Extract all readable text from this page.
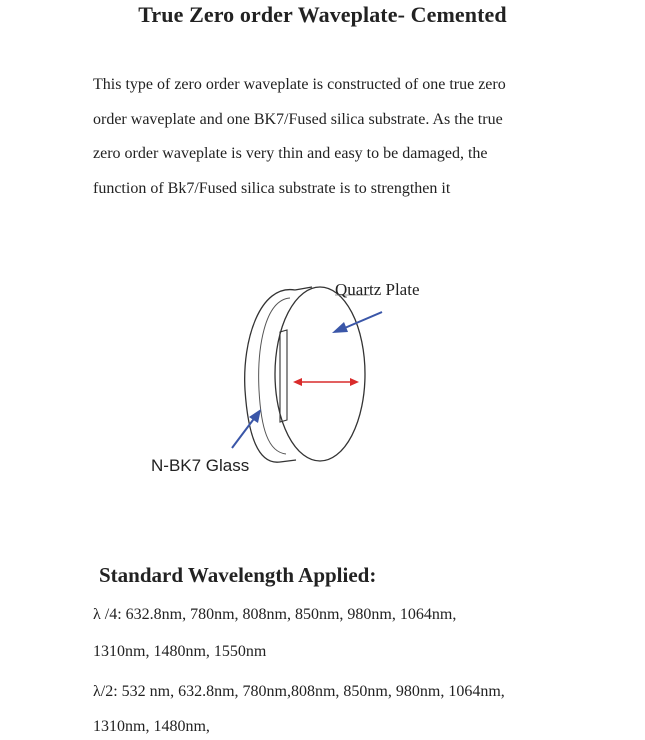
True Zero order Waveplate- Cemented
This type of zero order waveplate is constructed of one true zero
order waveplate and one BK7/Fused silica substrate. As the true
zero order waveplate is very thin and easy to be damaged, the
function of Bk7/Fused silica substrate is to strengthen it
Quartz Plate
N-BK7 Glass
Standard Wavelength Applied:

λ /4: 632.8nm, 780nm, 808nm, 850nm, 980nm, 1064nm,

1310nm, 1480nm, 1550nm

λ/2: 532 nm, 632.8nm, 780nm,808nm, 850nm, 980nm, 1064nm,

1310nm, 1480nm,
